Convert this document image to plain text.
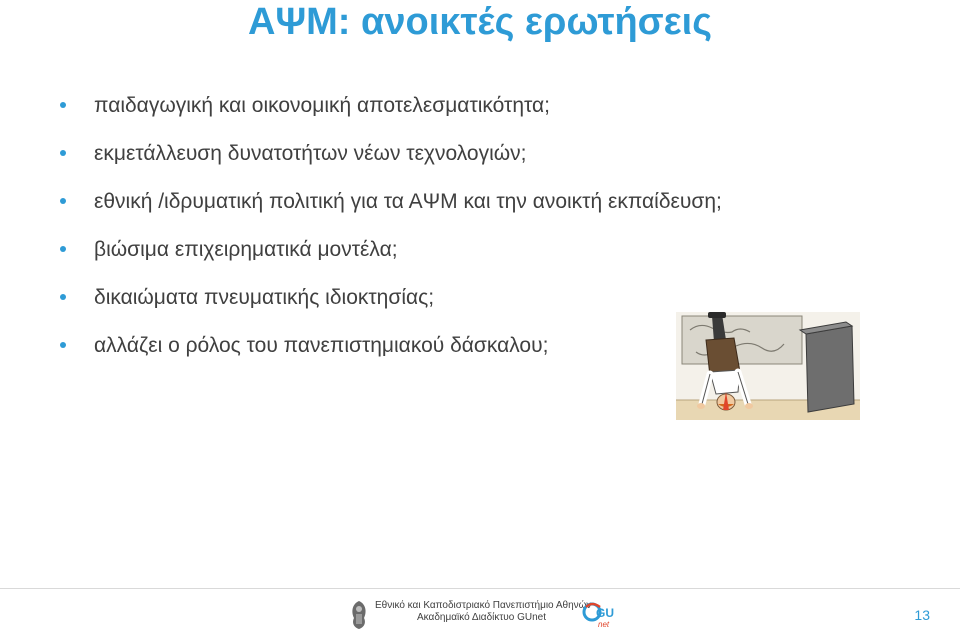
ΑΨΜ: ανοικτές ερωτήσεις
παιδαγωγική και οικονομική αποτελεσματικότητα;
εκμετάλλευση δυνατοτήτων νέων τεχνολογιών;
εθνική /ιδρυματική πολιτική για τα ΑΨΜ και την ανοικτή εκπαίδευση;
βιώσιμα επιχειρηματικά μοντέλα;
δικαιώματα πνευματικής ιδιοκτησίας;
αλλάζει ο ρόλος του πανεπιστημιακού δάσκαλου;
Εθνικό και Καποδιστριακό Πανεπιστήμιο Αθηνών
Ακαδημαϊκό Διαδίκτυο GUnet	GU
net
13
